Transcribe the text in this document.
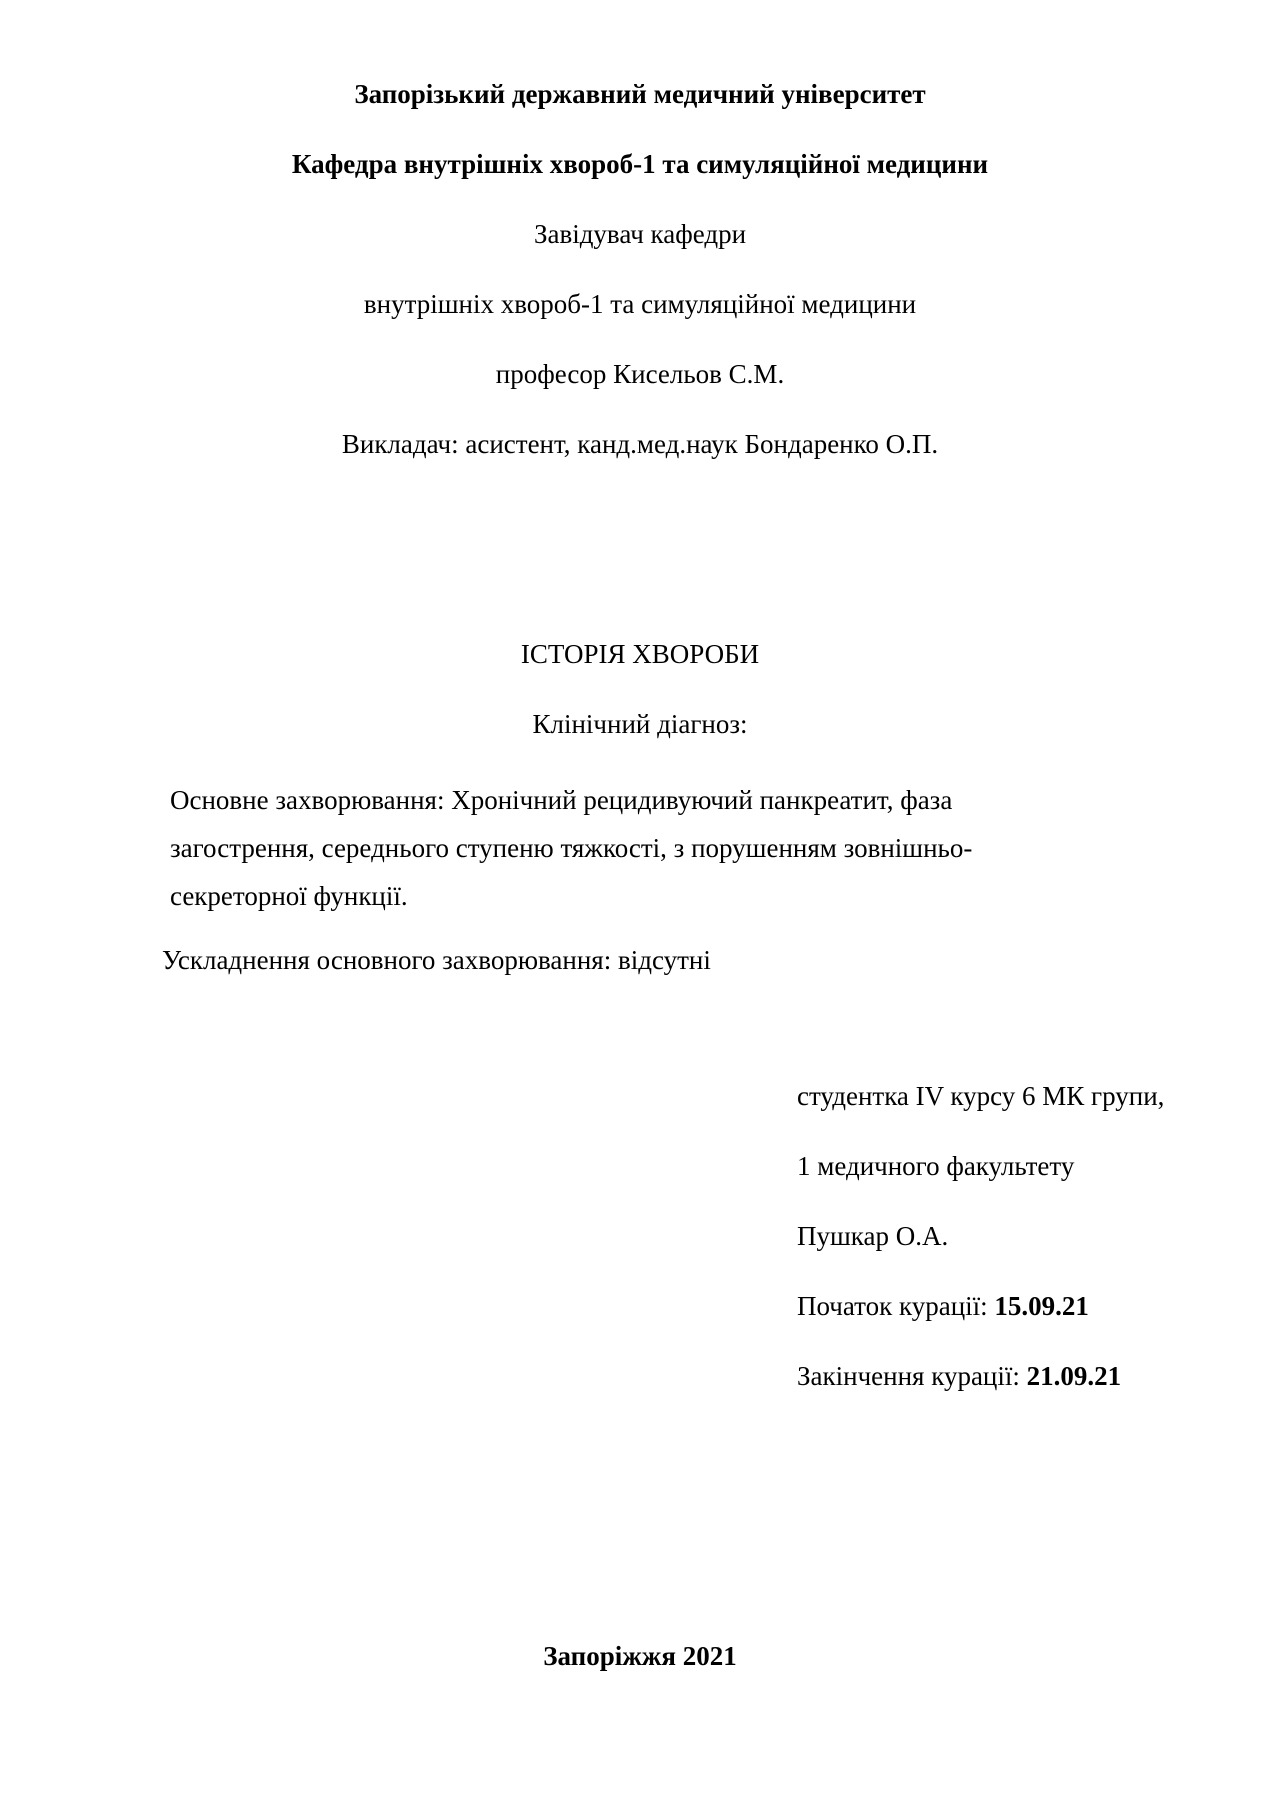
Запорізький державний медичний університет
Кафедра внутрішніх хвороб-1 та симуляційної медицини
Завідувач кафедри
внутрішніх хвороб-1 та симуляційної медицини
професор Кисельов С.М.
Викладач: асистент, канд.мед.наук Бондаренко О.П.
ІСТОРІЯ ХВОРОБИ
Клінічний діагноз:
Основне захворювання: Хронічний рецидивуючий панкреатит, фаза
загострення, середнього ступеню тяжкості, з порушенням зовнішньо-
секреторної функції.
Ускладнення основного захворювання: відсутні
студентка IV курсу 6 МК групи,
1 медичного факультету
Пушкар О.А.
Початок курації: 15.09.21
Закінчення курації: 21.09.21
Запоріжжя 2021
